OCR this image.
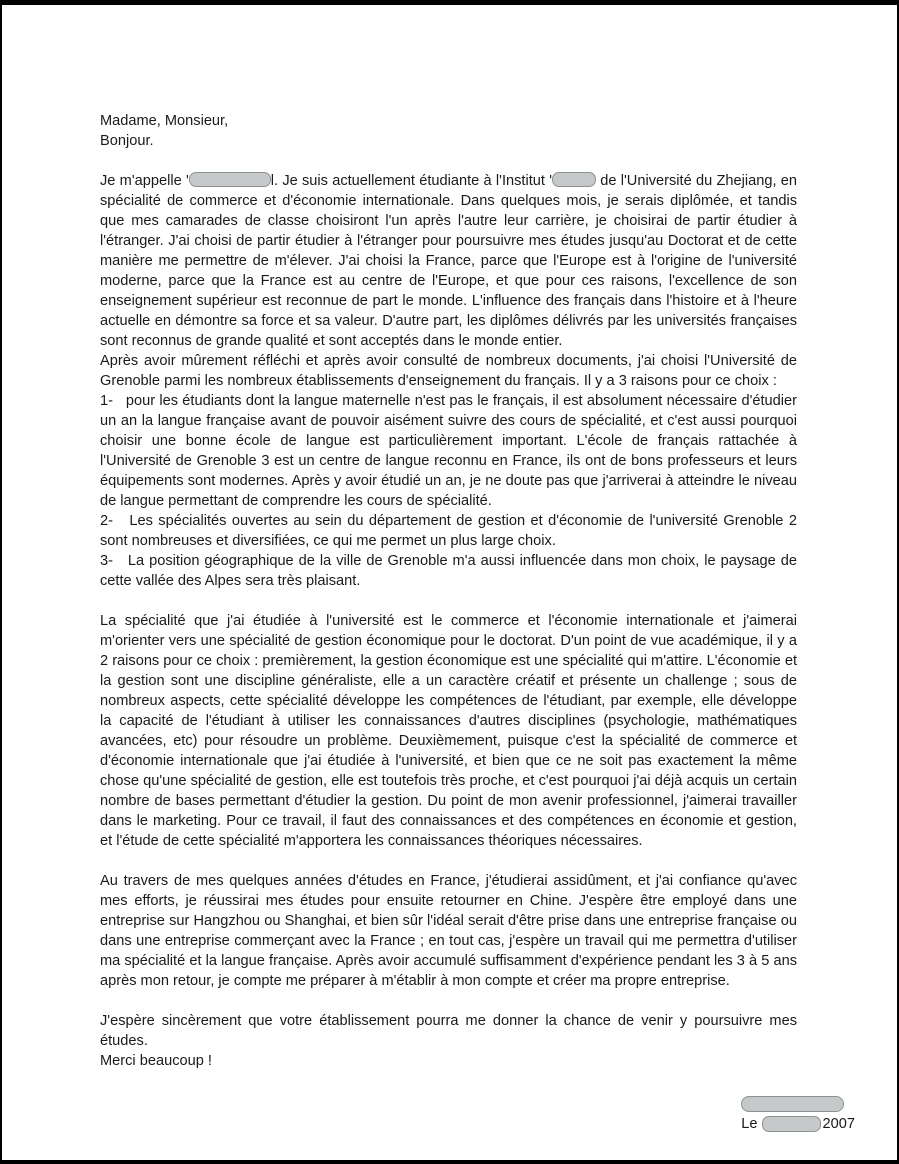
Madame, Monsieur,

Bonjour.

Je m'appelle '	l. Je suis actuellement étudiante à l'Institut '	de l'Université du Zhejiang, en spécialité de commerce et d'économie internationale. Dans quelques mois, je serais diplômée, et tandis que mes camarades de classe choisiront l'un après l'autre leur carrière, je choisirai de partir étudier à l'étranger. J'ai choisi de partir étudier à l'étranger pour poursuivre mes études jusqu'au Doctorat et de cette manière me permettre de m'élever. J'ai choisi la France, parce que l'Europe est à l'origine de l'université moderne, parce que la France est au centre de l'Europe, et que pour ces raisons, l'excellence de son enseignement supérieur est reconnue de part le monde. L'influence des français dans l'histoire et à l'heure actuelle en démontre sa force et sa valeur. D'autre part, les diplômes délivrés par les universités françaises sont reconnus de grande qualité et sont acceptés dans le monde entier.

Après avoir mûrement réfléchi et après avoir consulté de nombreux documents, j'ai choisi l'Université de Grenoble parmi les nombreux établissements d'enseignement du français. Il y a 3 raisons pour ce choix :

1-   pour les étudiants dont la langue maternelle n'est pas le français, il est absolument nécessaire d'étudier un an la langue française avant de pouvoir aisément suivre des cours de spécialité, et c'est aussi pourquoi choisir une bonne école de langue est particulièrement important. L'école de français rattachée à l'Université de Grenoble 3 est un centre de langue reconnu en France, ils ont de bons professeurs et leurs équipements sont modernes. Après y avoir étudié un an, je ne doute pas que j'arriverai à atteindre le niveau de langue permettant de comprendre les cours de spécialité.

2-   Les spécialités ouvertes au sein du département de gestion et d'économie de l'université Grenoble 2 sont nombreuses et diversifiées, ce qui me permet un plus large choix.

3-   La position géographique de la ville de Grenoble m'a aussi influencée dans mon choix, le paysage de cette vallée des Alpes sera très plaisant.

La spécialité que j'ai étudiée à l'université est le commerce et l'économie internationale et j'aimerai m'orienter vers une spécialité de gestion économique pour le doctorat. D'un point de vue académique, il y a 2 raisons pour ce choix : premièrement, la gestion économique est une spécialité qui m'attire. L'économie et la gestion sont une discipline généraliste, elle a un caractère créatif et présente un challenge ; sous de nombreux aspects, cette spécialité développe les compétences de l'étudiant, par exemple, elle développe la capacité de l'étudiant à utiliser les connaissances d'autres disciplines (psychologie, mathématiques avancées, etc) pour résoudre un problème. Deuxièmement, puisque c'est la spécialité de commerce et d'économie internationale que j'ai étudiée à l'université, et bien que ce ne soit pas exactement la même chose qu'une spécialité de gestion, elle est toutefois très proche, et c'est pourquoi j'ai déjà acquis un certain nombre de bases permettant d'étudier la gestion. Du point de mon avenir professionnel, j'aimerai travailler dans le marketing. Pour ce travail, il faut des connaissances et des compétences en économie et gestion, et l'étude de cette spécialité m'apportera les connaissances théoriques nécessaires.

Au travers de mes quelques années d'études en France, j'étudierai assidûment, et j'ai confiance qu'avec mes efforts, je réussirai mes études pour ensuite retourner en Chine. J'espère être employé dans une entreprise sur Hangzhou ou Shanghai, et bien sûr l'idéal serait d'être prise dans une entreprise française ou dans une entreprise commerçant avec la France ; en tout cas, j'espère un travail qui me permettra d'utiliser ma spécialité et la langue française. Après avoir accumulé suffisamment d'expérience pendant les 3 à 5 ans après mon retour, je compte me préparer à m'établir à mon compte et créer ma propre entreprise.

J'espère sincèrement que votre établissement pourra me donner la chance de venir y poursuivre mes études.

Merci beaucoup !

Le	2007
